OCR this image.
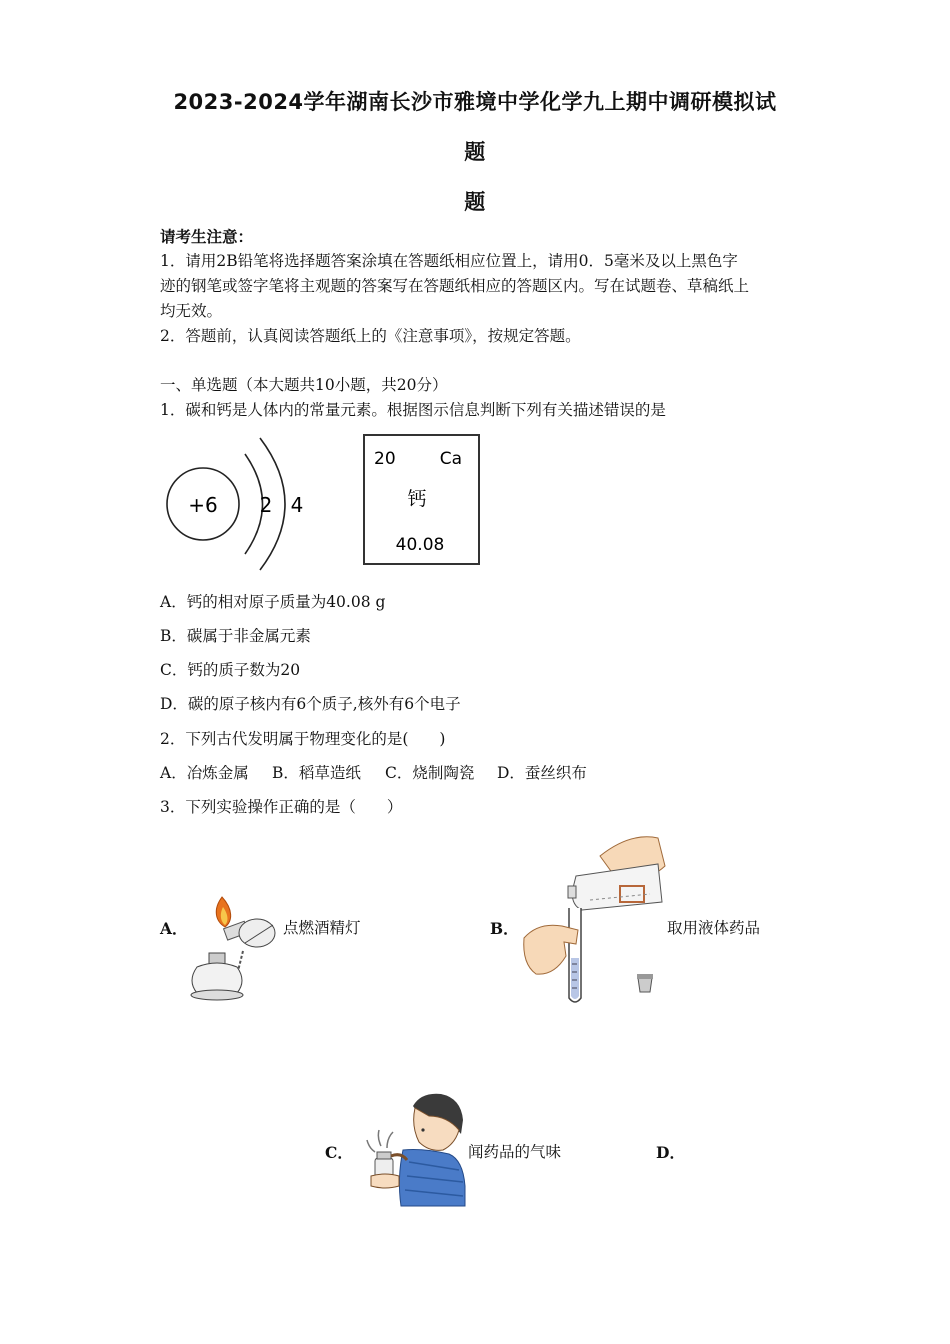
2023-2024学年湖南长沙市雅境中学化学九上期中调研模拟试
题
题
请考生注意：
1．请用2B铅笔将选择题答案涂填在答题纸相应位置上，请用0．5毫米及以上黑色字
迹的钢笔或签字笔将主观题的答案写在答题纸相应的答题区内。写在试题卷、草稿纸上
均无效。
2．答题前，认真阅读答题纸上的《注意事项》，按规定答题。
一、单选题（本大题共10小题，共20分）
1．碳和钙是人体内的常量元素。根据图示信息判断下列有关描述错误的是
+6 2 4
20	Ca
钙
40.08
A．钙的相对原子质量为40.08 g
B．碳属于非金属元素
C．钙的质子数为20
D．碳的原子核内有6个质子,核外有6个电子
2．下列古代发明属于物理变化的是(　　)
A．冶炼金属 B．稻草造纸 C．烧制陶瓷 D．蚕丝织布
3．下列实验操作正确的是（　　）
A．	点燃酒精灯	B．	取用液体药品
C．	闻药品的气味	D．
